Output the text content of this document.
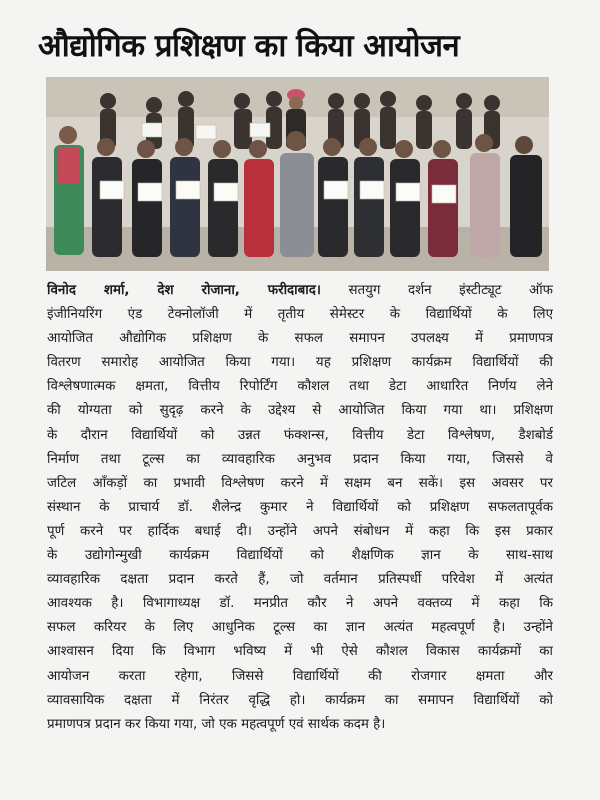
औद्योगिक प्रशिक्षण का किया आयोजन
विनोद शर्मा, देश रोजाना, फरीदाबाद। सतयुग दर्शन इंस्टीट्यूट ऑफ
इंजीनियरिंग एंड टेक्नोलॉजी में तृतीय सेमेस्टर के विद्यार्थियों के लिए
आयोजित औद्योगिक प्रशिक्षण के सफल समापन उपलक्ष्य में प्रमाणपत्र
वितरण समारोह आयोजित किया गया। यह प्रशिक्षण कार्यक्रम विद्यार्थियों की
विश्लेषणात्मक क्षमता, वित्तीय रिपोर्टिंग कौशल तथा डेटा आधारित निर्णय लेने
की योग्यता को सुदृढ़ करने के उद्देश्य से आयोजित किया गया था। प्रशिक्षण
के दौरान विद्यार्थियों को उन्नत फंक्शन्स, वित्तीय डेटा विश्लेषण, डैशबोर्ड
निर्माण तथा टूल्स का व्यावहारिक अनुभव प्रदान किया गया, जिससे वे
जटिल आँकड़ों का प्रभावी विश्लेषण करने में सक्षम बन सकें। इस अवसर पर
संस्थान के प्राचार्य डॉ. शैलेन्द्र कुमार ने विद्यार्थियों को प्रशिक्षण सफलतापूर्वक
पूर्ण करने पर हार्दिक बधाई दी। उन्होंने अपने संबोधन में कहा कि इस प्रकार
के उद्योगोन्मुखी कार्यक्रम विद्यार्थियों को शैक्षणिक ज्ञान के साथ-साथ
व्यावहारिक दक्षता प्रदान करते हैं, जो वर्तमान प्रतिस्पर्धी परिवेश में अत्यंत
आवश्यक है। विभागाध्यक्ष डॉ. मनप्रीत कौर ने अपने वक्तव्य में कहा कि
सफल करियर के लिए आधुनिक टूल्स का ज्ञान अत्यंत महत्वपूर्ण है। उन्होंने
आश्वासन दिया कि विभाग भविष्य में भी ऐसे कौशल विकास कार्यक्रमों का
आयोजन करता रहेगा, जिससे विद्यार्थियों की रोजगार क्षमता और
व्यावसायिक दक्षता में निरंतर वृद्धि हो। कार्यक्रम का समापन विद्यार्थियों को
प्रमाणपत्र प्रदान कर किया गया, जो एक महत्वपूर्ण एवं सार्थक कदम है।
